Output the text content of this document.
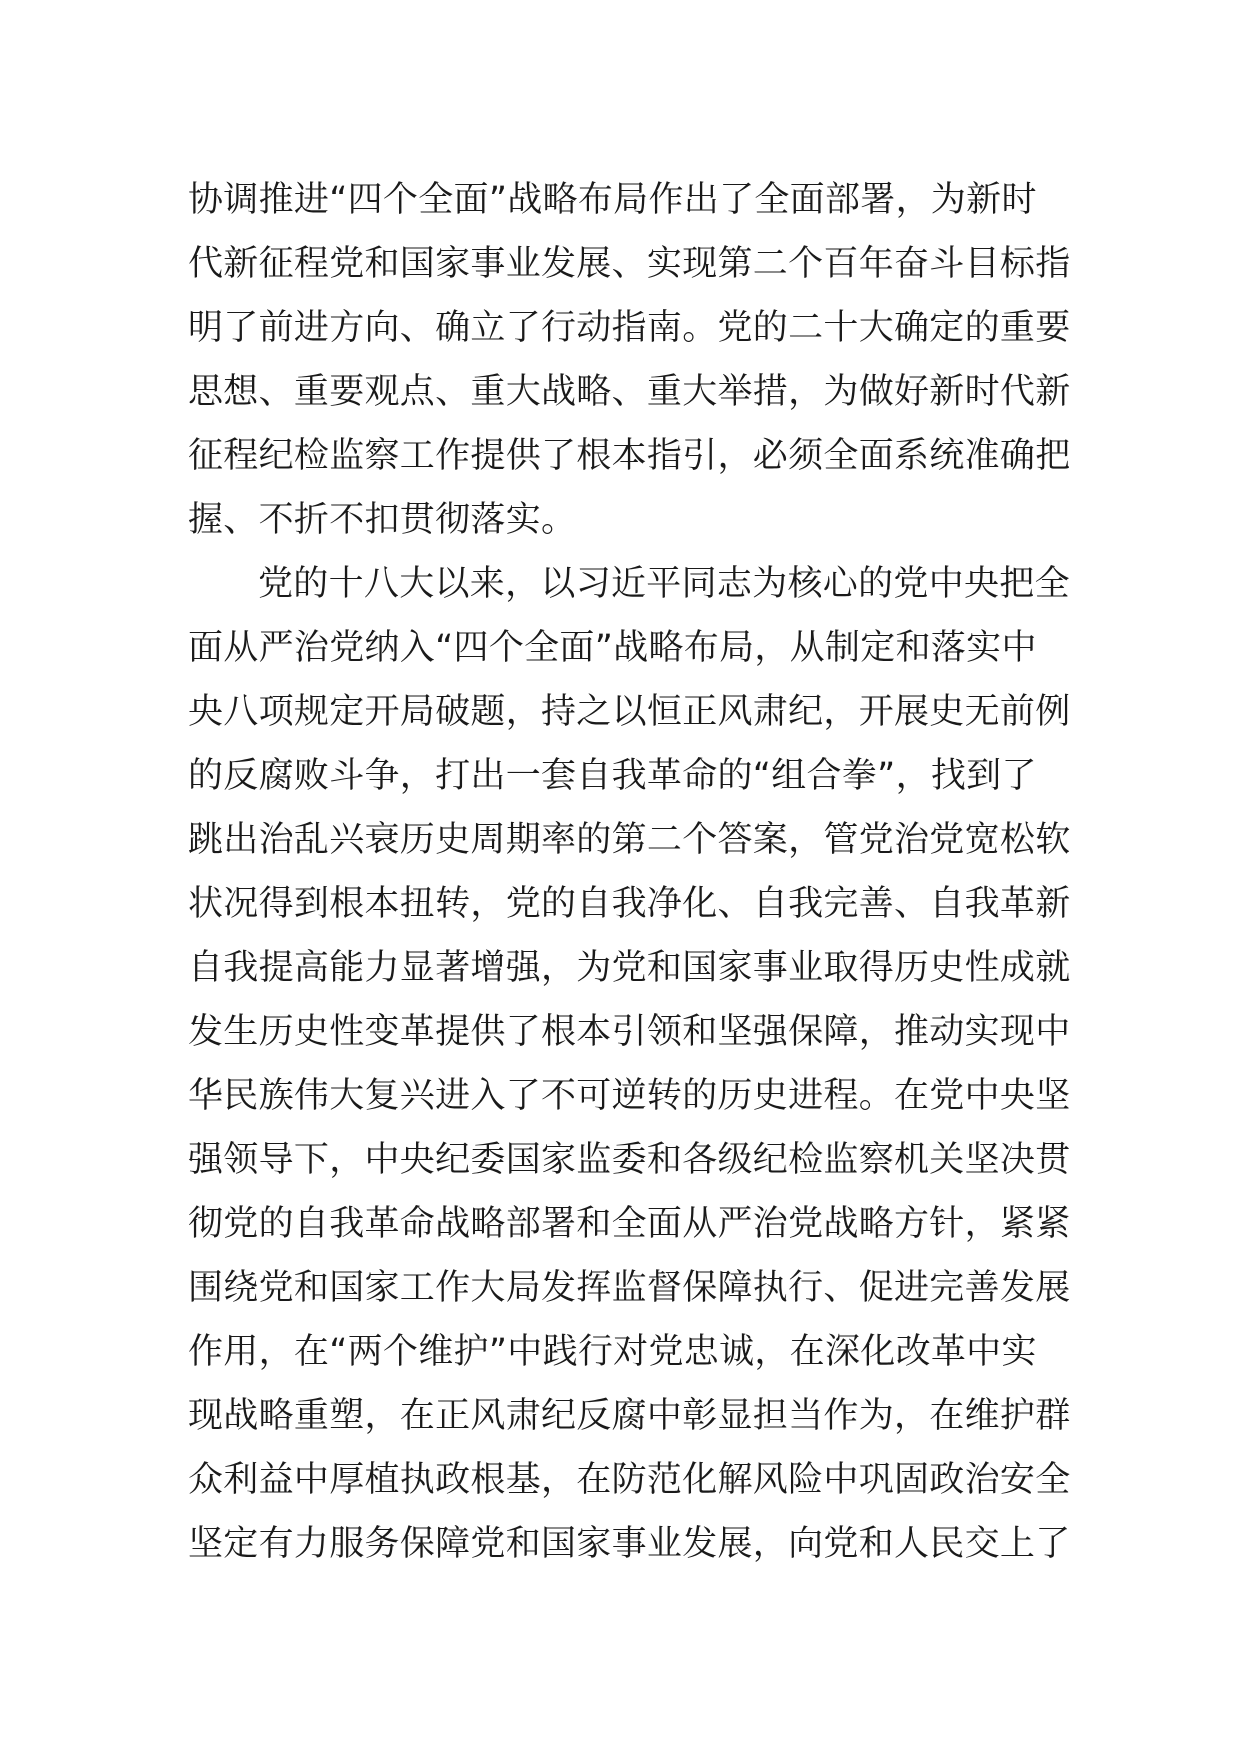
协调推进“四个全面”战略布局作出了全面部署，为新时

代新征程党和国家事业发展、实现第二个百年奋斗目标指

明了前进方向、确立了行动指南。党的二十大确定的重要

思想、重要观点、重大战略、重大举措，为做好新时代新

征程纪检监察工作提供了根本指引，必须全面系统准确把

握、不折不扣贯彻落实。

党的十八大以来，以习近平同志为核心的党中央把全

面从严治党纳入“四个全面”战略布局，从制定和落实中

央八项规定开局破题，持之以恒正风肃纪，开展史无前例

的反腐败斗争，打出一套自我革命的“组合拳”，找到了

跳出治乱兴衰历史周期率的第二个答案，管党治党宽松软

状况得到根本扭转，党的自我净化、自我完善、自我革新

自我提高能力显著增强，为党和国家事业取得历史性成就

发生历史性变革提供了根本引领和坚强保障，推动实现中

华民族伟大复兴进入了不可逆转的历史进程。在党中央坚

强领导下，中央纪委国家监委和各级纪检监察机关坚决贯

彻党的自我革命战略部署和全面从严治党战略方针，紧紧

围绕党和国家工作大局发挥监督保障执行、促进完善发展

作用，在“两个维护”中践行对党忠诚，在深化改革中实

现战略重塑，在正风肃纪反腐中彰显担当作为，在维护群

众利益中厚植执政根基，在防范化解风险中巩固政治安全

坚定有力服务保障党和国家事业发展，向党和人民交上了
